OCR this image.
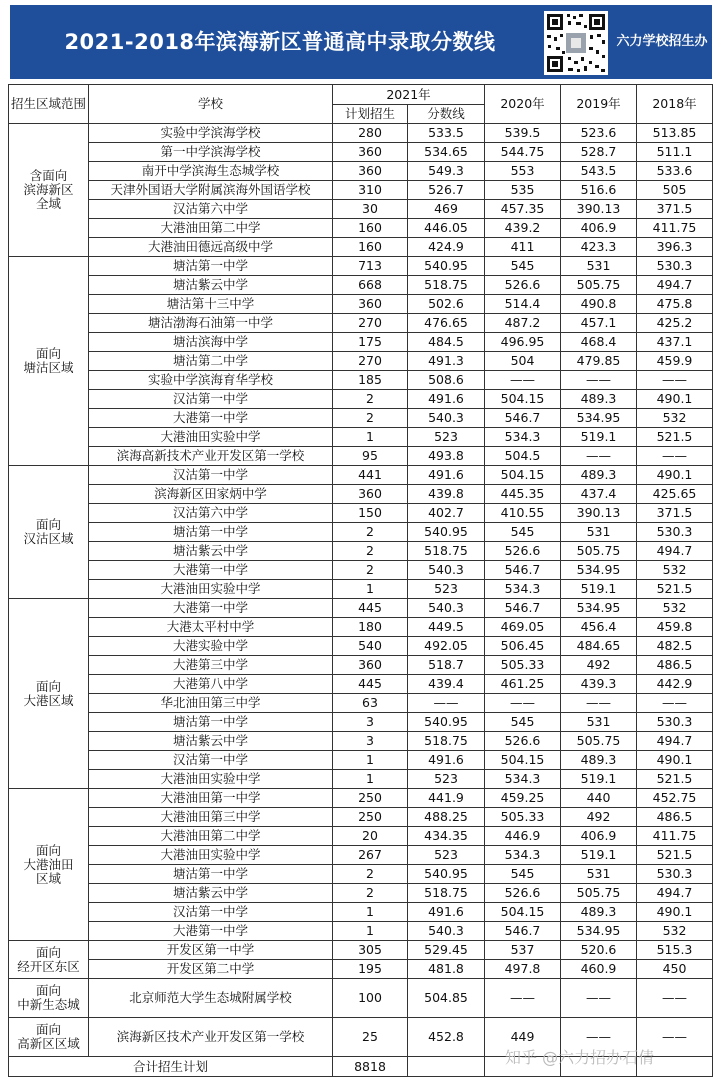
2021-2018年滨海新区普通高中录取分数线	六力学校招生办
招生区域范围	学校	2021年		2020年	2019年	2018年
		计划招生	分数线			

含面向
滨海新区
全域	实验中学滨海学校	280	533.5	539.5	523.6	513.85
	第一中学滨海学校	360	534.65	544.75	528.7	511.1
	南开中学滨海生态城学校	360	549.3	553	543.5	533.6
	天津外国语大学附属滨海外国语学校	310	526.7	535	516.6	505
	汉沽第六中学	30	469	457.35	390.13	371.5
	大港油田第二中学	160	446.05	439.2	406.9	411.75
	大港油田德远高级中学	160	424.9	411	423.3	396.3

面向
塘沽区域	塘沽第一中学	713	540.95	545	531	530.3
	塘沽紫云中学	668	518.75	526.6	505.75	494.7
	塘沽第十三中学	360	502.6	514.4	490.8	475.8
	塘沽渤海石油第一中学	270	476.65	487.2	457.1	425.2
	塘沽滨海中学	175	484.5	496.95	468.4	437.1
	塘沽第二中学	270	491.3	504	479.85	459.9
	实验中学滨海育华学校	185	508.6	——	——	——
	汉沽第一中学	2	491.6	504.15	489.3	490.1
	大港第一中学	2	540.3	546.7	534.95	532
	大港油田实验中学	1	523	534.3	519.1	521.5
	滨海高新技术产业开发区第一学校	95	493.8	504.5	——	——

面向
汉沽区域	汉沽第一中学	441	491.6	504.15	489.3	490.1
	滨海新区田家炳中学	360	439.8	445.35	437.4	425.65
	汉沽第六中学	150	402.7	410.55	390.13	371.5
	塘沽第一中学	2	540.95	545	531	530.3
	塘沽紫云中学	2	518.75	526.6	505.75	494.7
	大港第一中学	2	540.3	546.7	534.95	532
	大港油田实验中学	1	523	534.3	519.1	521.5

面向
大港区域	大港第一中学	445	540.3	546.7	534.95	532
	大港太平村中学	180	449.5	469.05	456.4	459.8
	大港实验中学	540	492.05	506.45	484.65	482.5
	大港第三中学	360	518.7	505.33	492	486.5
	大港第八中学	445	439.4	461.25	439.3	442.9
	华北油田第三中学	63	——	——	——	——
	塘沽第一中学	3	540.95	545	531	530.3
	塘沽紫云中学	3	518.75	526.6	505.75	494.7
	汉沽第一中学	1	491.6	504.15	489.3	490.1
	大港油田实验中学	1	523	534.3	519.1	521.5

面向
大港油田
区域	大港油田第一中学	250	441.9	459.25	440	452.75
	大港油田第三中学	250	488.25	505.33	492	486.5
	大港油田第二中学	20	434.35	446.9	406.9	411.75
	大港油田实验中学	267	523	534.3	519.1	521.5
	塘沽第一中学	2	540.95	545	531	530.3
	塘沽紫云中学	2	518.75	526.6	505.75	494.7
	汉沽第一中学	1	491.6	504.15	489.3	490.1
	大港第一中学	1	540.3	546.7	534.95	532

面向
经开区东区	开发区第一中学	305	529.45	537	520.6	515.3
	开发区第二中学	195	481.8	497.8	460.9	450

面向
中新生态城	北京师范大学生态城附属学校	100	504.85	——	——	——

面向
高新区区域	滨海新区技术产业开发区第一学校	25	452.8	449	——	——
合计招生计划		8818					知乎 @六力招办石倩
